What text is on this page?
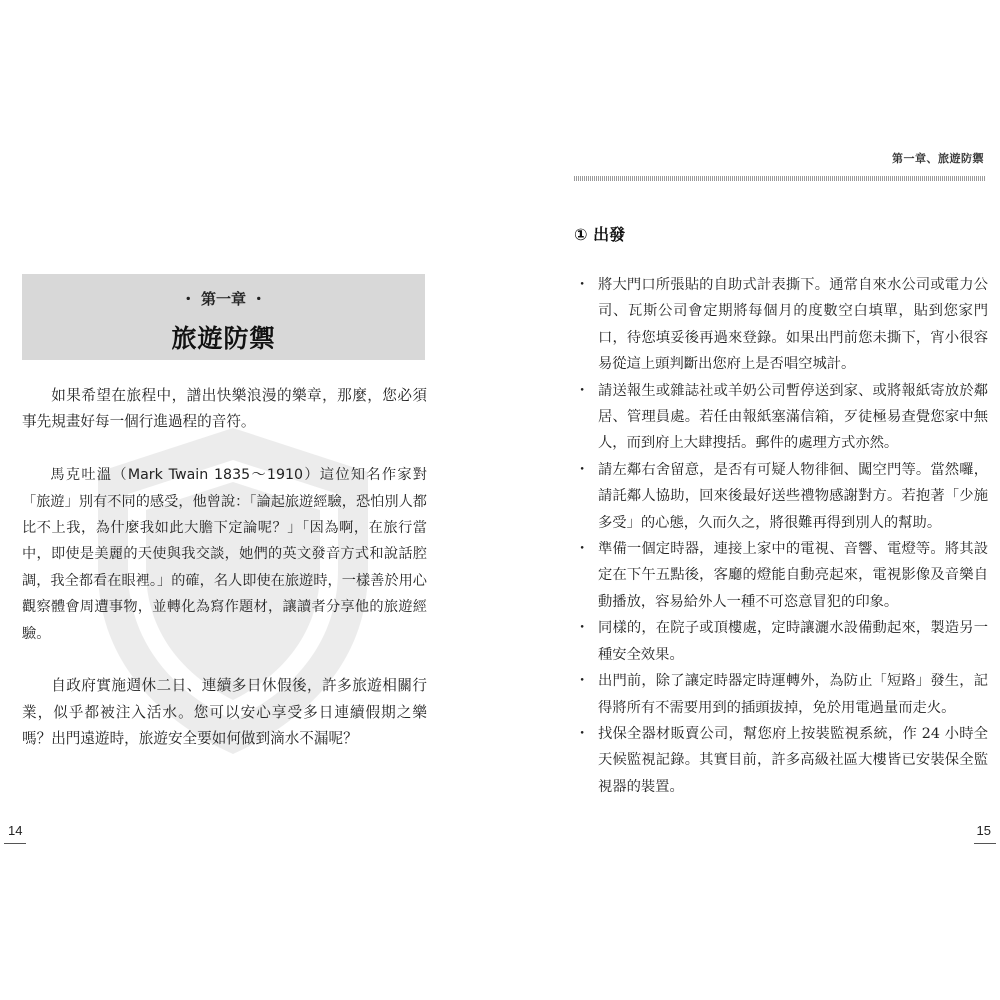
・ 第一章 ・
旅遊防禦

如果希望在旅程中，譜出快樂浪漫的樂章，那麼，您必須事先規畫好每一個行進過程的音符。

馬克吐溫（Mark Twain 1835～1910）這位知名作家對「旅遊」別有不同的感受，他曾說：「論起旅遊經驗，恐怕別人都比不上我，為什麼我如此大膽下定論呢？」「因為啊，在旅行當中，即使是美麗的天使與我交談，她們的英文發音方式和說話腔調，我全都看在眼裡。」的確，名人即使在旅遊時，一樣善於用心觀察體會周遭事物，並轉化為寫作題材，讓讀者分享他的旅遊經驗。

自政府實施週休二日、連續多日休假後，許多旅遊相關行業，似乎都被注入活水。您可以安心享受多日連續假期之樂嗎？出門遠遊時，旅遊安全要如何做到滴水不漏呢？

14
第一章、旅遊防禦
① 出發
・ 將大門口所張貼的自助式計表撕下。通常自來水公司或電力公司、瓦斯公司會定期將每個月的度數空白填單，貼到您家門口，待您填妥後再過來登錄。如果出門前您未撕下，宵小很容易從這上頭判斷出您府上是否唱空城計。
・ 請送報生或雜誌社或羊奶公司暫停送到家、或將報紙寄放於鄰居、管理員處。若任由報紙塞滿信箱，歹徒極易查覺您家中無人，而到府上大肆搜括。郵件的處理方式亦然。
・ 請左鄰右舍留意，是否有可疑人物徘徊、闖空門等。當然囉，請託鄰人協助，回來後最好送些禮物感謝對方。若抱著「少施多受」的心態，久而久之，將很難再得到別人的幫助。
・ 準備一個定時器，連接上家中的電視、音響、電燈等。將其設定在下午五點後，客廳的燈能自動亮起來，電視影像及音樂自動播放，容易給外人一種不可恣意冒犯的印象。
・ 同樣的，在院子或頂樓處，定時讓灑水設備動起來，製造另一種安全效果。
・ 出門前，除了讓定時器定時運轉外，為防止「短路」發生，記得將所有不需要用到的插頭拔掉，免於用電過量而走火。
・ 找保全器材販賣公司，幫您府上按裝監視系統，作 24 小時全天候監視記錄。其實目前，許多高級社區大樓皆已安裝保全監視器的裝置。
15
